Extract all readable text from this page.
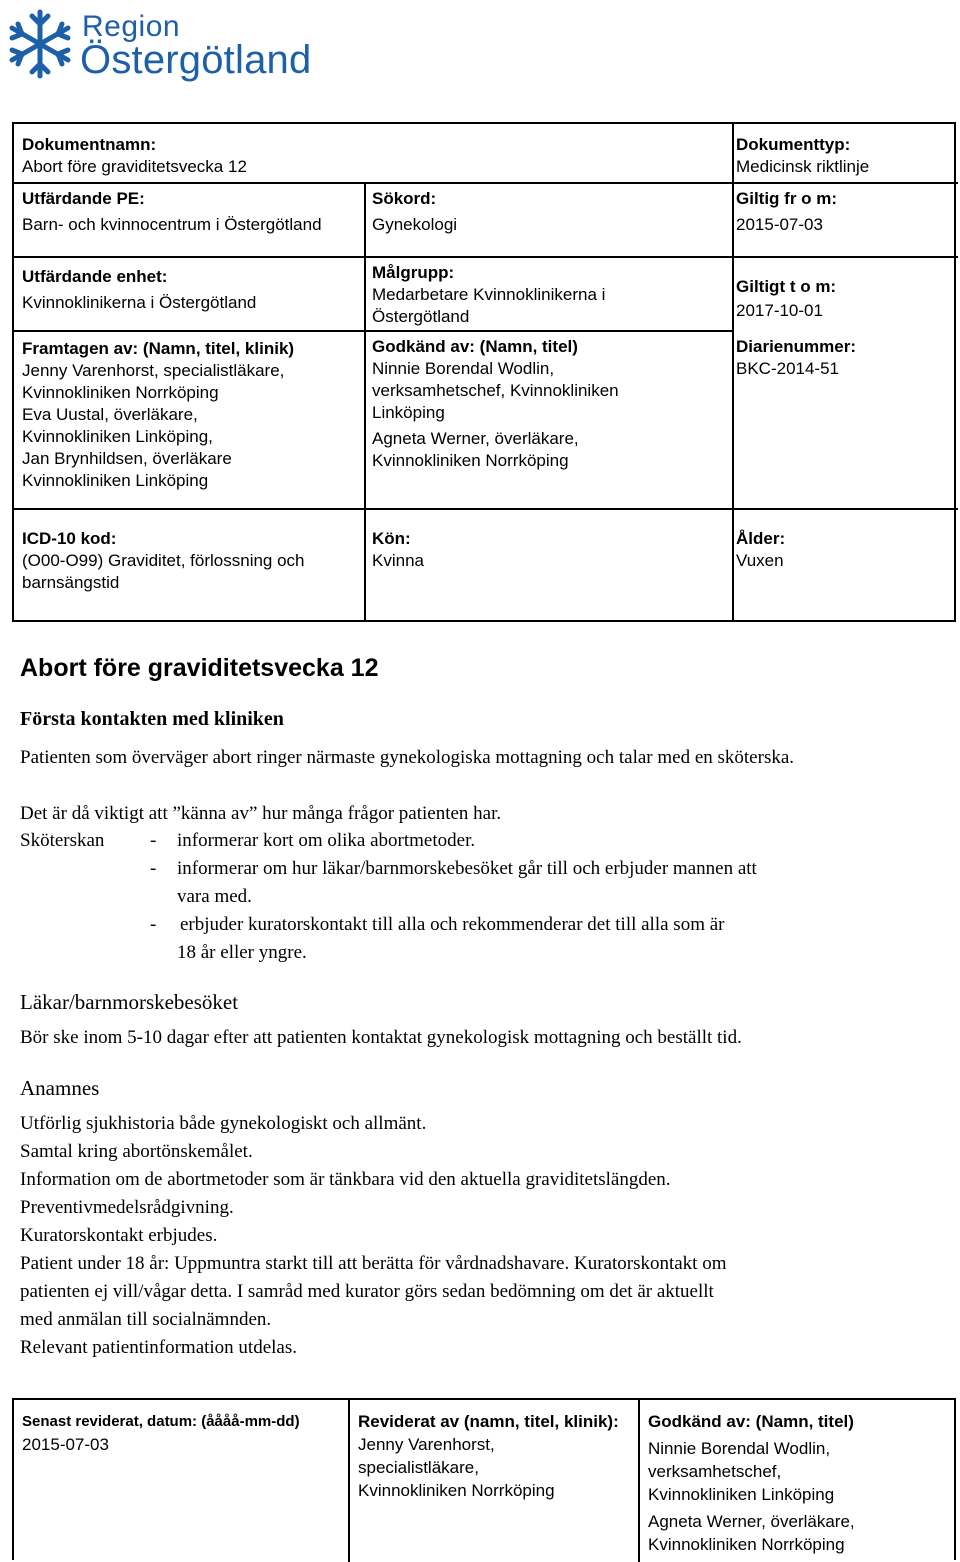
Region
Östergötland
Dokumentnamn:
Abort före graviditetsvecka 12
Dokumenttyp:
Medicinsk riktlinje
Utfärdande PE:
Barn- och kvinnocentrum i Östergötland
Sökord:
Gynekologi
Giltig fr o m:
2015-07-03
Utfärdande enhet:
Kvinnoklinikerna i Östergötland
Målgrupp:
Medarbetare Kvinnoklinikerna i Östergötland
Giltigt t o m:
2017-10-01
Framtagen av: (Namn, titel, klinik)
Jenny Varenhorst, specialistläkare,
Kvinnokliniken Norrköping
Eva Uustal, överläkare,
Kvinnokliniken Linköping,
Jan Brynhildsen, överläkare
Kvinnokliniken Linköping
Godkänd av: (Namn, titel)
Ninnie Borendal Wodlin,
verksamhetschef, Kvinnokliniken
Linköping
Agneta Werner, överläkare,
Kvinnokliniken Norrköping
Diarienummer:
BKC-2014-51
ICD-10 kod:
(O00-O99) Graviditet, förlossning och barnsängstid
Kön:
Kvinna
Ålder:
Vuxen
Abort före graviditetsvecka 12
Första kontakten med kliniken
Patienten som överväger abort ringer närmaste gynekologiska mottagning och talar med en sköterska.
Det är då viktigt att ”känna av” hur många frågor patienten har.
Sköterskan - informerar kort om olika abortmetoder.
- informerar om hur läkar/barnmorskebesöket går till och erbjuder mannen att
vara med.
- erbjuder kuratorskontakt till alla och rekommenderar det till alla som är
18 år eller yngre.
Läkar/barnmorskebesöket
Bör ske inom 5-10 dagar efter att patienten kontaktat gynekologisk mottagning och beställt tid.
Anamnes
Utförlig sjukhistoria både gynekologiskt och allmänt.
Samtal kring abortönskemålet.
Information om de abortmetoder som är tänkbara vid den aktuella graviditetslängden.
Preventivmedelsrådgivning.
Kuratorskontakt erbjudes.
Patient under 18 år: Uppmuntra starkt till att berätta för vårdnadshavare. Kuratorskontakt om
patienten ej vill/vågar detta. I samråd med kurator görs sedan bedömning om det är aktuellt
med anmälan till socialnämnden.
Relevant patientinformation utdelas.
Senast reviderat, datum: (åååå-mm-dd)
2015-07-03
Reviderat av (namn, titel, klinik):
Jenny Varenhorst,
specialistläkare,
Kvinnokliniken Norrköping
Godkänd av: (Namn, titel)
Ninnie Borendal Wodlin,
verksamhetschef,
Kvinnokliniken Linköping
Agneta Werner, överläkare,
Kvinnokliniken Norrköping
